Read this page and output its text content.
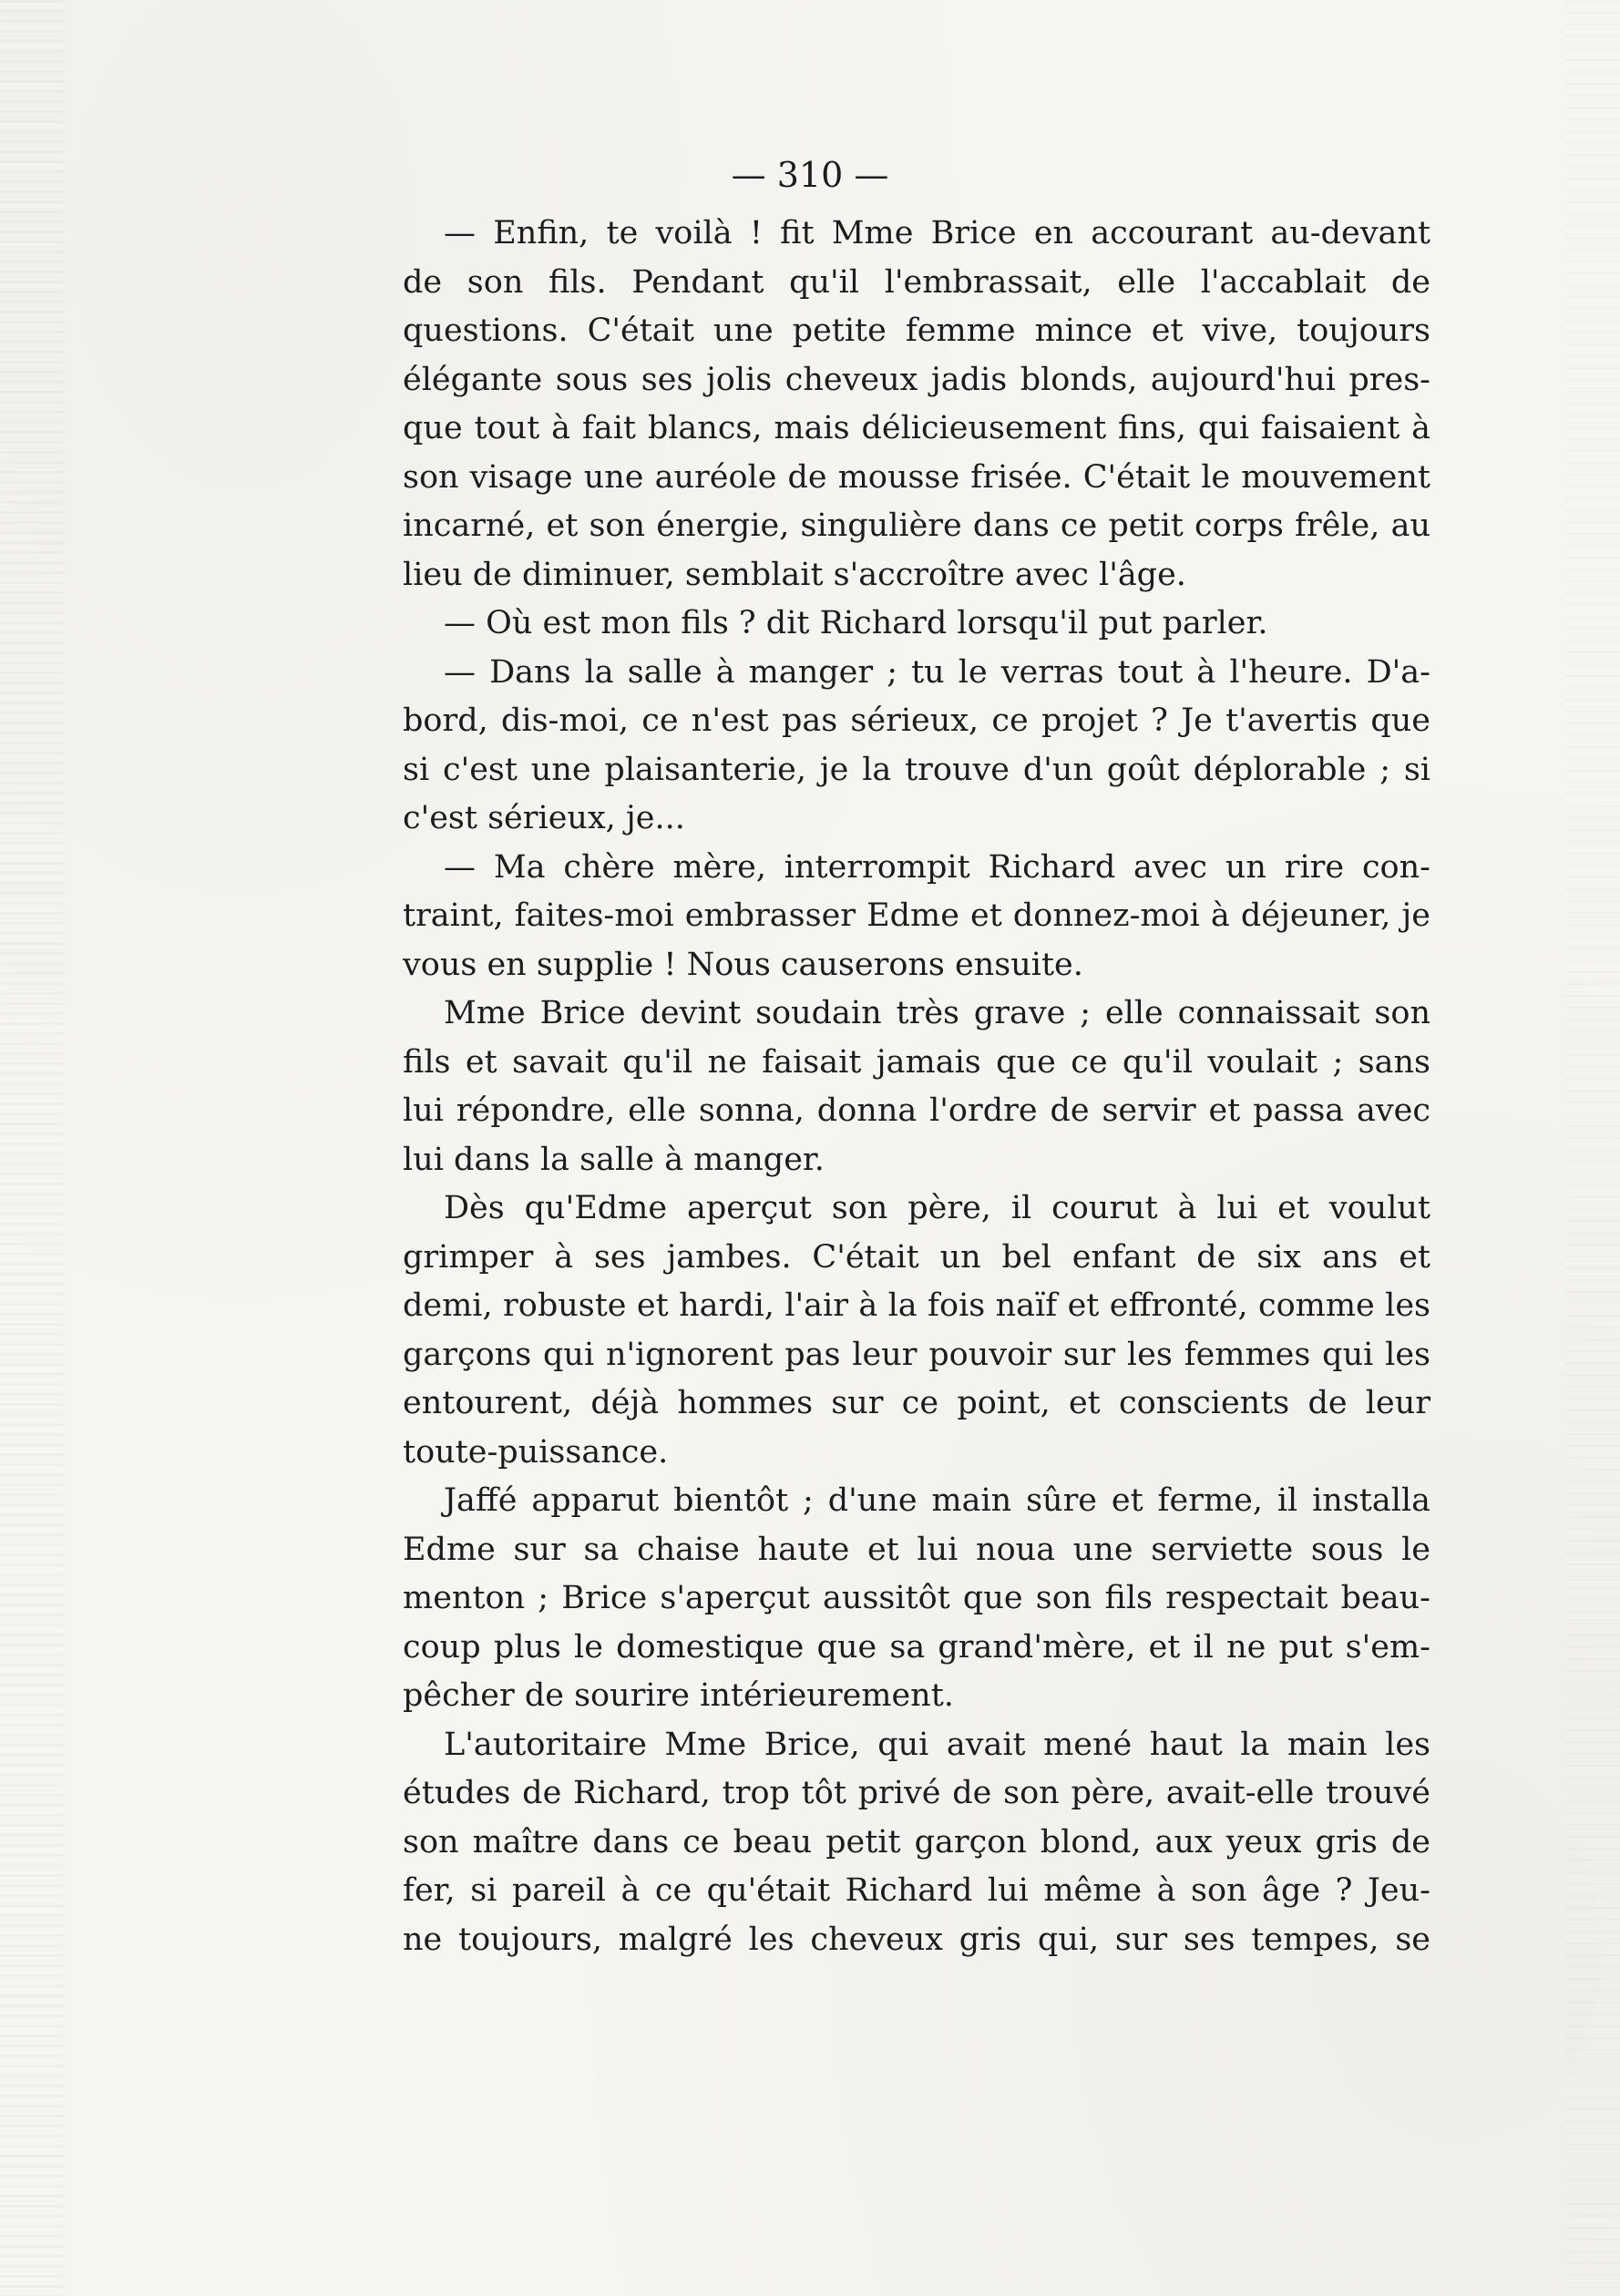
— 310 —
— Enfin, te voilà ! fit Mme Brice en accourant au-devant
de son fils. Pendant qu'il l'embrassait, elle l'accablait de
questions. C'était une petite femme mince et vive, toujours
élégante sous ses jolis cheveux jadis blonds, aujourd'hui pres-
que tout à fait blancs, mais délicieusement fins, qui faisaient à
son visage une auréole de mousse frisée. C'était le mouvement
incarné, et son énergie, singulière dans ce petit corps frêle, au
lieu de diminuer, semblait s'accroître avec l'âge.
— Où est mon fils ? dit Richard lorsqu'il put parler.
— Dans la salle à manger ; tu le verras tout à l'heure. D'a-
bord, dis-moi, ce n'est pas sérieux, ce projet ? Je t'avertis que
si c'est une plaisanterie, je la trouve d'un goût déplorable ; si
c'est sérieux, je...
— Ma chère mère, interrompit Richard avec un rire con-
traint, faites-moi embrasser Edme et donnez-moi à déjeuner, je
vous en supplie ! Nous causerons ensuite.
Mme Brice devint soudain très grave ; elle connaissait son
fils et savait qu'il ne faisait jamais que ce qu'il voulait ; sans
lui répondre, elle sonna, donna l'ordre de servir et passa avec
lui dans la salle à manger.
Dès qu'Edme aperçut son père, il courut à lui et voulut
grimper à ses jambes. C'était un bel enfant de six ans et
demi, robuste et hardi, l'air à la fois naïf et effronté, comme les
garçons qui n'ignorent pas leur pouvoir sur les femmes qui les
entourent, déjà hommes sur ce point, et conscients de leur
toute-puissance.
Jaffé apparut bientôt ; d'une main sûre et ferme, il installa
Edme sur sa chaise haute et lui noua une serviette sous le
menton ; Brice s'aperçut aussitôt que son fils respectait beau-
coup plus le domestique que sa grand'mère, et il ne put s'em-
pêcher de sourire intérieurement.
L'autoritaire Mme Brice, qui avait mené haut la main les
études de Richard, trop tôt privé de son père, avait-elle trouvé
son maître dans ce beau petit garçon blond, aux yeux gris de
fer, si pareil à ce qu'était Richard lui même à son âge ? Jeu-
ne toujours, malgré les cheveux gris qui, sur ses tempes, se
